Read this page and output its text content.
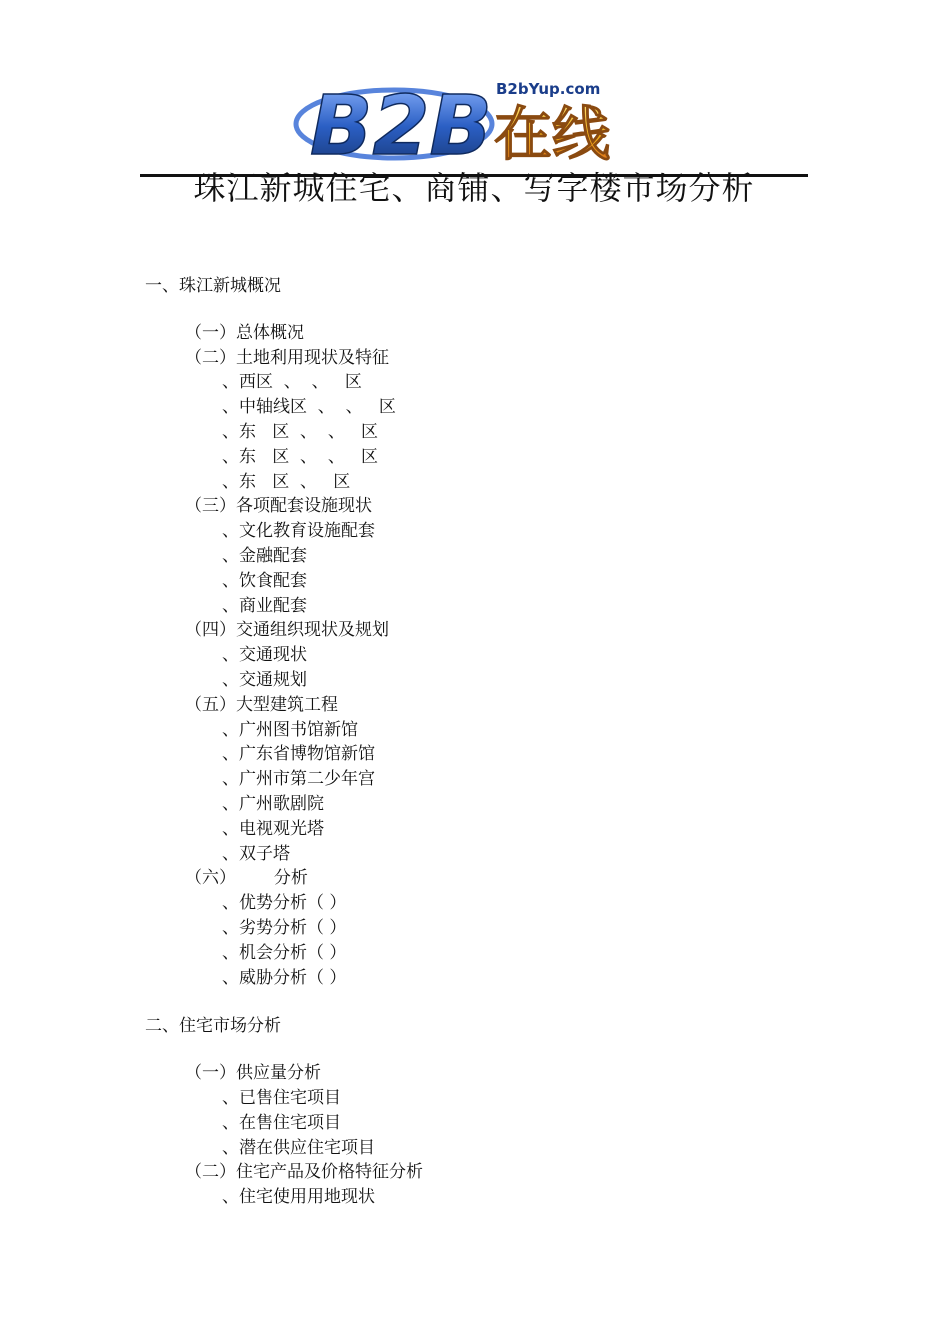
B2B B2bYup.com
在线
珠江新城住宅、商铺、写字楼市场分析
一、珠江新城概况
（一）总体概况
（二）土地利用现状及特征
、西区  、  、   区
、中轴线区  、  、   区
、东   区  、  、   区
、东   区  、  、   区
、东   区  、   区
（三）各项配套设施现状
、文化教育设施配套
、金融配套
、饮食配套
、商业配套
（四）交通组织现状及规划
、交通现状
、交通规划
（五）大型建筑工程
、广州图书馆新馆
、广东省博物馆新馆
、广州市第二少年宫
、广州歌剧院
、电视观光塔
、双子塔
（六）       分析
、优势分析（ ）
、劣势分析（ ）
、机会分析（ ）
、威胁分析（ ）
二、住宅市场分析
（一）供应量分析
、已售住宅项目
、在售住宅项目
、潜在供应住宅项目
（二）住宅产品及价格特征分析
、住宅使用用地现状
